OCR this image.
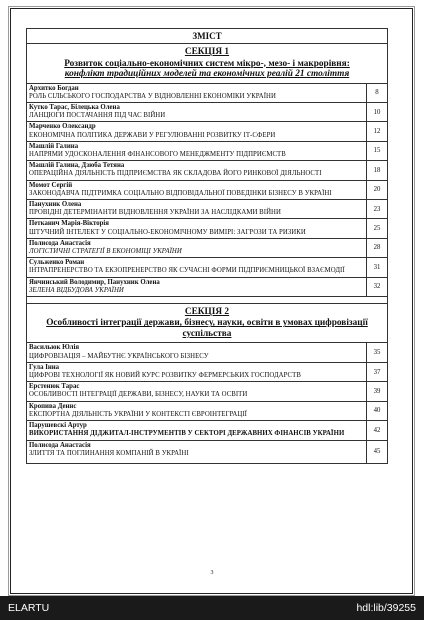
ЗМІСТ
СЕКЦІЯ 1
Розвиток соціально-економічних систем мікро-, мезо- і макрорівня:
конфлікт традиційних моделей та економічних реалій 21 століття
Архитко Богдан
РОЛЬ СІЛЬСЬКОГО ГОСПОДАРСТВА У ВІДНОВЛЕННІ ЕКОНОМІКИ УКРАЇНИ	8
Кутко Тарас, Білецька Олена
ЛАНЦЮГИ ПОСТАЧАННЯ ПІД ЧАС ВІЙНИ	10
Марченко Олександр
ЕКОНОМІЧНА ПОЛІТИКА ДЕРЖАВИ У РЕГУЛЮВАННІ РОЗВИТКУ ІТ-СФЕРИ	12
Машлій Галина
НАПРЯМИ УДОСКОНАЛЕННЯ ФІНАНСОВОГО МЕНЕДЖМЕНТУ ПІДПРИЄМСТВ	15
Машлій Галина, Дзюба Тетяна
ОПЕРАЦІЙНА ДІЯЛЬНІСТЬ ПІДПРИЄМСТВА ЯК СКЛАДОВА ЙОГО РИНКОВОЇ ДІЯЛЬНОСТІ	18
Момот Сергій
ЗАКОНОДАВЧА ПІДТРИМКА СОЦІАЛЬНО ВІДПОВІДАЛЬНОЇ ПОВЕДІНКИ БІЗНЕСУ В УКРАЇНІ	20
Панухник Олена
ПРОВІДНІ ДЕТЕРМІНАНТИ ВІДНОВЛЕННЯ УКРАЇНИ ЗА НАСЛІДКАМИ ВІЙНИ	23
Петканич Марія-Вікторія
ШТУЧНИЙ ІНТЕЛЕКТ У СОЦІАЛЬНО-ЕКОНОМІЧНОМУ ВИМІРІ: ЗАГРОЗИ ТА РИЗИКИ	25
Полиєода Анастасія
ЛОГІСТИЧНІ СТРАТЕГІЇ В ЕКОНОМІЦІ УКРАЇНИ	28
Сульженко Роман
ІНТРАПРЕНЕРСТВО ТА ЕКЗОПРЕНЕРСТВО ЯК СУЧАСНІ ФОРМИ ПІДПРИЄМНИЦЬКОЇ ВЗАЄМОДІЇ	31
Янчинський Володимир, Панухник Олена
ЗЕЛЕНА ВІДБУДОВА УКРАЇНИ	32
СЕКЦІЯ 2
Особливості інтеграції держави, бізнесу, науки, освіти в умовах цифровізації
суспільства
Васильюк Юлія
ЦИФРОВІЗАЦІЯ – МАЙБУТНЄ УКРАЇНСЬКОГО БІЗНЕСУ	35
Гула Інна
ЦИФРОВІ ТЕХНОЛОГІЇ ЯК НОВИЙ КУРС РОЗВИТКУ ФЕРМЕРСЬКИХ ГОСПОДАРСТВ	37
Ерстенюк Тарас
ОСОБЛИВОСТІ ІНТЕГРАЦІЇ ДЕРЖАВИ, БІЗНЕСУ, НАУКИ ТА ОСВІТИ	39
Кропива Деннс
ЕКСПОРТНА ДІЯЛЬНІСТЬ УКРАЇНИ У КОНТЕКСТІ ЄВРОІНТЕГРАЦІЇ	40
Парушевскі Артур
ВИКОРИСТАННЯ ДІДЖИТАЛ-ІНСТРУМЕНТІВ У СЕКТОРІ ДЕРЖАВНИХ ФІНАНСІВ УКРАЇНИ	42
Полиєода Анастасія
ЗЛИТТЯ ТА ПОГЛИНАННЯ КОМПАНІЙ В УКРАЇНІ	45
3
ELARTU	hdl:lib/39255
